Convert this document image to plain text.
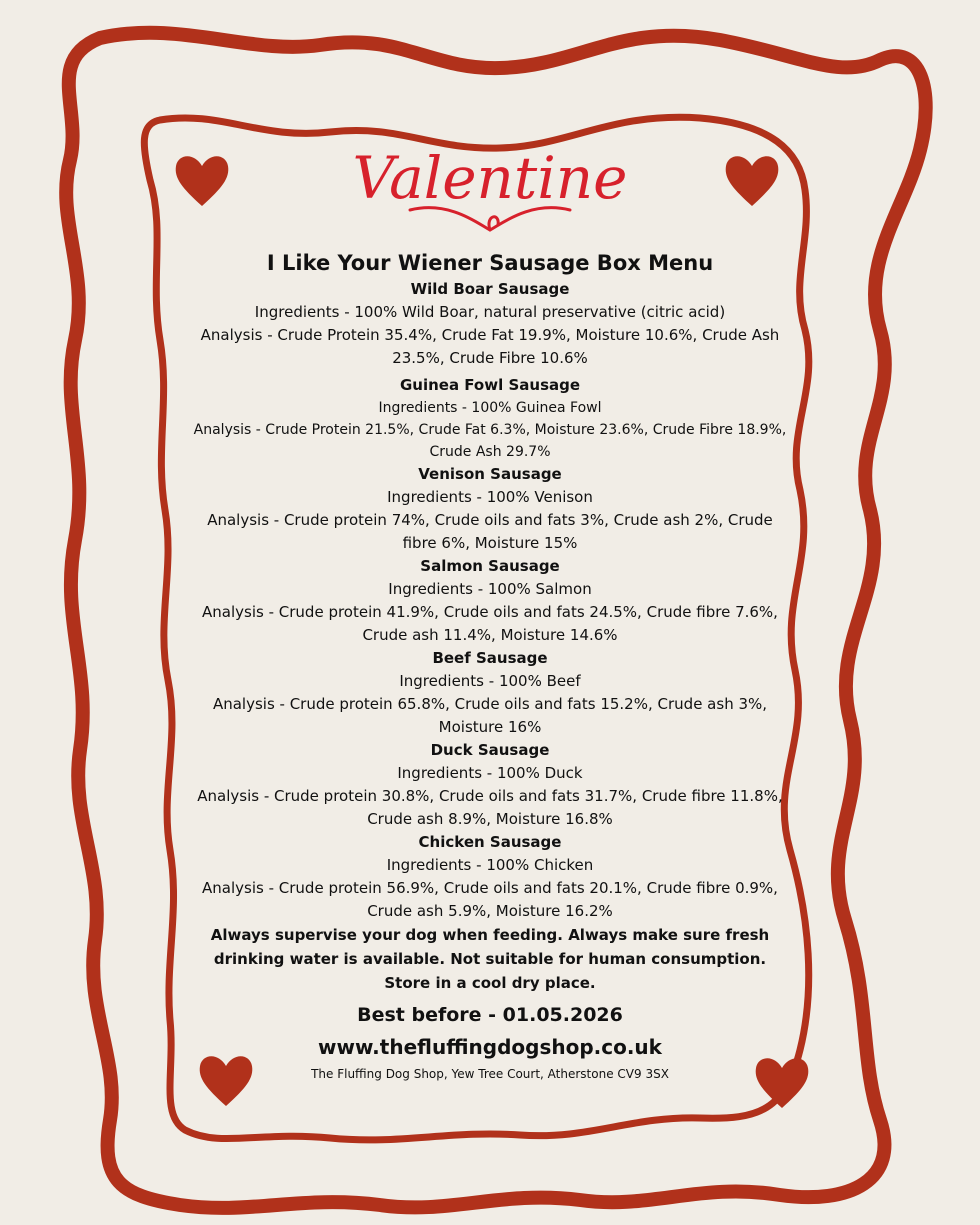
Valentine

I Like Your Wiener Sausage Box Menu

Wild Boar Sausage

Ingredients - 100% Wild Boar, natural preservative (citric acid)

Analysis - Crude Protein 35.4%, Crude Fat 19.9%, Moisture 10.6%, Crude Ash 23.5%, Crude Fibre 10.6%

Guinea Fowl Sausage

Ingredients - 100% Guinea Fowl

Analysis - Crude Protein 21.5%, Crude Fat 6.3%, Moisture 23.6%, Crude Fibre 18.9%, Crude Ash 29.7%

Venison Sausage

Ingredients - 100% Venison

Analysis - Crude protein 74%, Crude oils and fats 3%, Crude ash 2%, Crude fibre 6%, Moisture 15%

Salmon Sausage

Ingredients - 100% Salmon

Analysis - Crude protein 41.9%, Crude oils and fats 24.5%, Crude fibre 7.6%, Crude ash 11.4%, Moisture 14.6%

Beef Sausage

Ingredients - 100% Beef

Analysis - Crude protein 65.8%, Crude oils and fats 15.2%, Crude ash 3%, Moisture 16%

Duck Sausage

Ingredients - 100% Duck

Analysis - Crude protein 30.8%, Crude oils and fats 31.7%, Crude fibre 11.8%, Crude ash 8.9%, Moisture 16.8%

Chicken Sausage

Ingredients - 100% Chicken

Analysis - Crude protein 56.9%, Crude oils and fats 20.1%, Crude fibre 0.9%, Crude ash 5.9%, Moisture 16.2%

Always supervise your dog when feeding. Always make sure fresh drinking water is available. Not suitable for human consumption. Store in a cool dry place.

Best before - 01.05.2026
www.thefluffingdogshop.co.uk
The Fluffing Dog Shop, Yew Tree Court, Atherstone CV9 3SX
